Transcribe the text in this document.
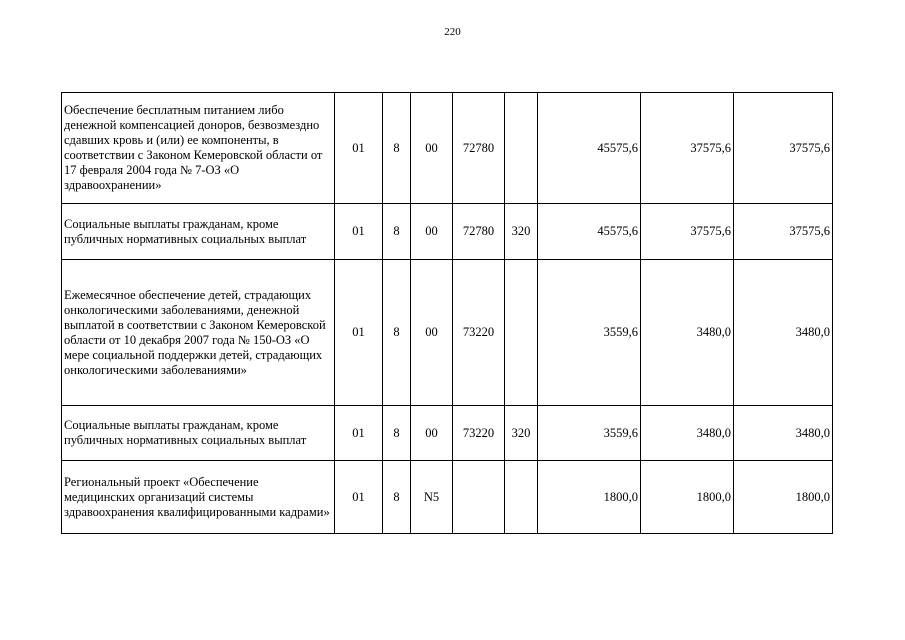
220
Обеспечение бесплатным питанием либо денежной компенсацией доноров, безвозмездно сдавших кровь и (или) ее компоненты, в соответствии с Законом Кемеровской области от 17 февраля 2004 года № 7-ОЗ «О здравоохранении»	01	8	00	72780		45575,6	37575,6	37575,6
Социальные выплаты гражданам, кроме публичных нормативных социальных выплат	01	8	00	72780	320	45575,6	37575,6	37575,6
Ежемесячное обеспечение детей, страдающих онкологическими заболеваниями, денежной выплатой в соответствии с Законом Кемеровской области от 10 декабря 2007 года № 150-ОЗ «О мере социальной поддержки детей, страдающих онкологическими заболеваниями»	01	8	00	73220		3559,6	3480,0	3480,0
Социальные выплаты гражданам, кроме публичных нормативных социальных выплат	01	8	00	73220	320	3559,6	3480,0	3480,0
Региональный проект «Обеспечение медицинских организаций системы здравоохранения квалифицированными кадрами»	01	8	N5			1800,0	1800,0	1800,0
